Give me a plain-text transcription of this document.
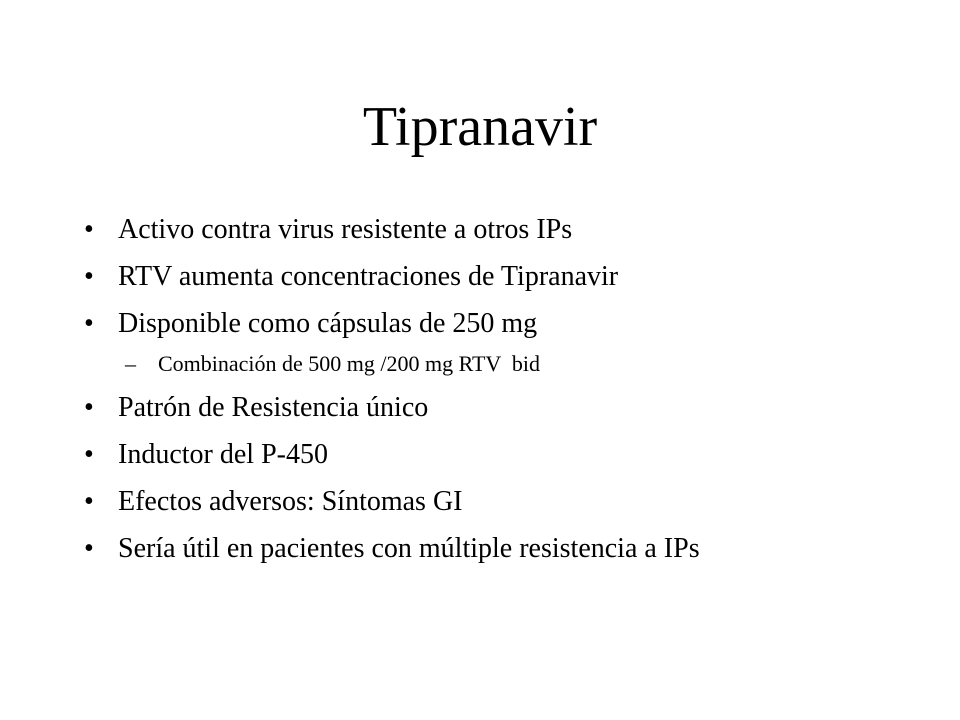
Tipranavir
• Activo contra virus resistente a otros IPs
• RTV aumenta concentraciones de Tipranavir
• Disponible como cápsulas de 250 mg
– Combinación de 500 mg /200 mg RTV  bid
• Patrón de Resistencia único
• Inductor del P-450
• Efectos adversos: Síntomas GI
• Sería útil en pacientes con múltiple resistencia a IPs
